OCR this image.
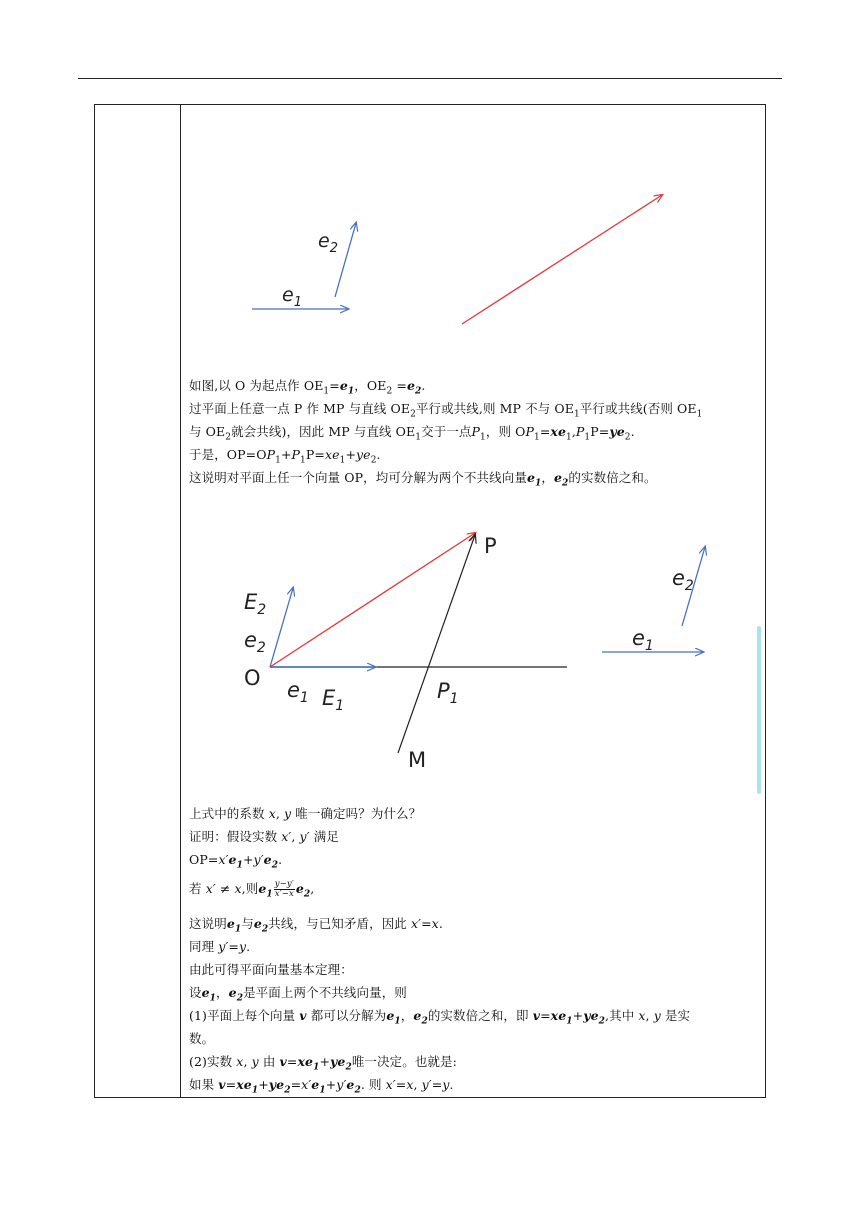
$e_2$
$e_1$
如图,以 O 为起点作 $OE_1=e_1$，$OE_2 =e_2$.
过平面上任意一点 P 作 MP 与直线 $OE_2$平行或共线,则 MP 不与 $OE_1$平行或共线(否则 $OE_1$
与 $OE_2$就会共线)，因此 MP 与直线 $OE_1$交于一点$P_1$，则 $OP_1=xe_1,P_1P=ye_2$.
于是，$OP=OP_1+P_1P=xe_1+ye_2$.
这说明对平面上任一个向量 OP，均可分解为两个不共线向量$e_1$，$e_2$的实数倍之和。
P
$E_2$
$e_2$
O $e_1$ $E_1$
$P_1$
M
$e_2$
$e_1$
上式中的系数 x, y 唯一确定吗？为什么？
证明：假设实数 x′, y′ 满足
$OP=x'e_1+y'e_2$.
若 x′ ≠ x,则$e_1 \frac{y-y'}{x'-x} e_2$,
这说明$e_1$与$e_2$共线，与已知矛盾，因此 x′=x.
同理 y′=y.
由此可得平面向量基本定理：
设$e_1$，$e_2$是平面上两个不共线向量，则
(1)平面上每个向量 v 都可以分解为$e_1$，$e_2$的实数倍之和，即 $v=xe_1+ye_2$,其中 x, y 是实
数。
(2)实数 x, y 由 $v=xe_1+ye_2$唯一决定。也就是:
如果 $v=xe_1+ye_2=x'e_1+y'e_2$. 则 x′=x, y′=y.
